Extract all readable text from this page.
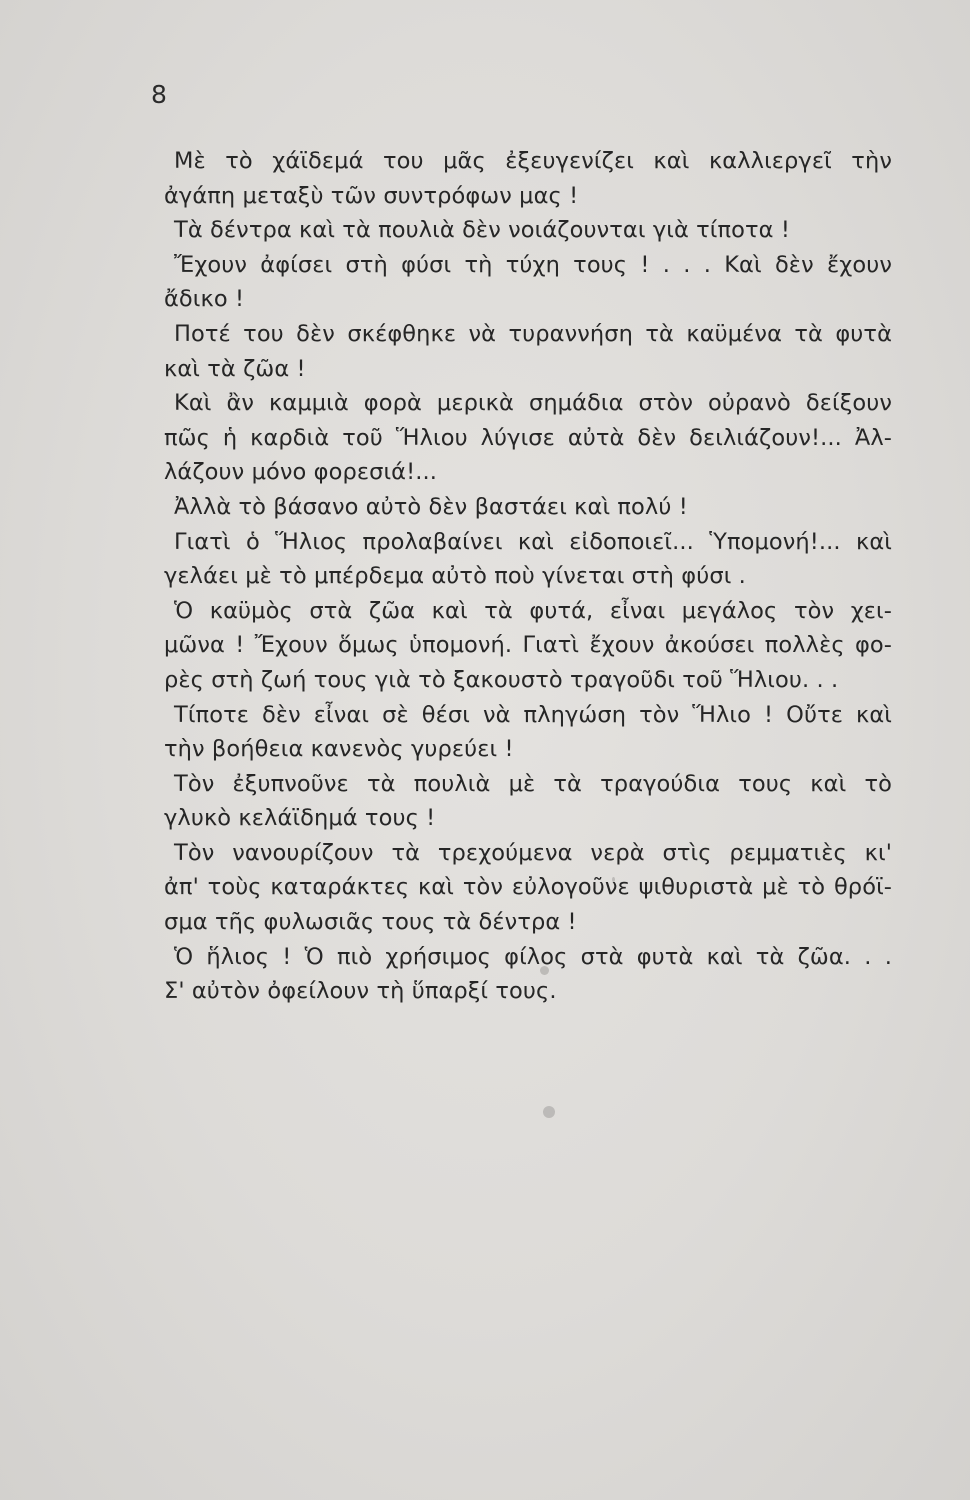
8

Μὲ τὸ χάϊδεμά του μᾶς ἐξευγενίζει καὶ καλλιεργεῖ τὴν
ἀγάπη μεταξὺ τῶν συντρόφων μας !
Τὰ δέντρα καὶ τὰ πουλιὰ δὲν νοιάζουνται γιὰ τίποτα !
Ἔχουν ἀφίσει στὴ φύσι τὴ τύχη τους ! . . . Καὶ δὲν ἔχουν
ἄδικο !
Ποτέ του δὲν σκέφθηκε νὰ τυραννήση τὰ καϋμένα τὰ φυτὰ
καὶ τὰ ζῶα !
Καὶ ἂν καμμιὰ φορὰ μερικὰ σημάδια στὸν οὐρανὸ δείξουν
πῶς ἡ καρδιὰ τοῦ Ἥλιου λύγισε αὐτὰ δὲν δειλιάζουν!... Ἀλ-
λάζουν μόνο φορεσιά!...
Ἀλλὰ τὸ βάσανο αὐτὸ δὲν βαστάει καὶ πολύ !
Γιατὶ ὁ Ἥλιος προλαβαίνει καὶ εἰδοποιεῖ... Ὑπομονή!... καὶ
γελάει μὲ τὸ μπέρδεμα αὐτὸ ποὺ γίνεται στὴ φύσι .
Ὁ καϋμὸς στὰ ζῶα καὶ τὰ φυτά, εἶναι μεγάλος τὸν χει-
μῶνα ! Ἔχουν ὅμως ὑπομονή. Γιατὶ ἔχουν ἀκούσει πολλὲς φο-
ρὲς στὴ ζωή τους γιὰ τὸ ξακουστὸ τραγοῦδι τοῦ Ἥλιου. . .
Τίποτε δὲν εἶναι σὲ θέσι νὰ πληγώση τὸν Ἥλιο ! Οὔτε καὶ
τὴν βοήθεια κανενὸς γυρεύει !
Τὸν ἐξυπνοῦνε τὰ πουλιὰ μὲ τὰ τραγούδια τους καὶ τὸ
γλυκὸ κελάϊδημά τους !
Τὸν νανουρίζουν τὰ τρεχούμενα νερὰ στὶς ρεμματιὲς κι'
ἀπ' τοὺς καταράκτες καὶ τὸν εὐλογοῦνε ψιθυριστὰ μὲ τὸ θρόϊ-
σμα τῆς φυλωσιᾶς τους τὰ δέντρα !
Ὁ ἥλιος ! Ὁ πιὸ χρήσιμος φίλος στὰ φυτὰ καὶ τὰ ζῶα. . .
Σ' αὐτὸν ὀφείλουν τὴ ὕπαρξί τους.
